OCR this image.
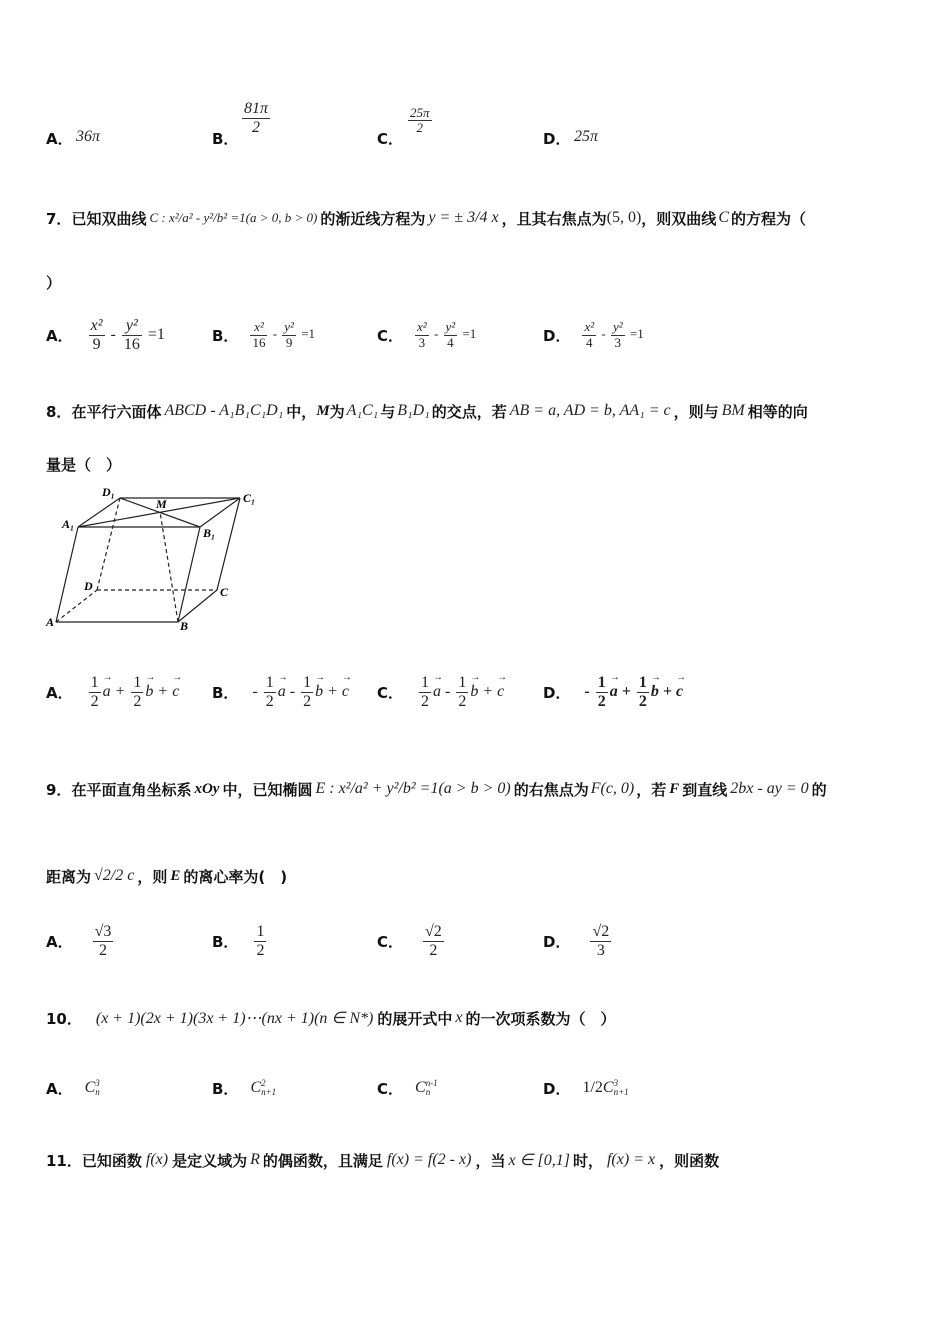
A． 36π	B．
$\frac{81\pi}{2}$
C．
$\frac{25\pi}{2}$
D． 25π
7． 已知双曲线 C : x²/a² - y²/b² =1(a > 0, b > 0) 的渐近线方程为 y = ± 3/4 x ，且其右焦点为 (5, 0) ，则双曲线 C 的方程为（
）
A． $\frac{\text{x²}}{9} - \frac{\text{y²}}{16} =1$	B． $\frac{\text{x²}}{16} - \frac{\text{y²}}{9} =1$	C． $\frac{\text{x²}}{3} - \frac{\text{y²}}{4} =1$	D． $\frac{\text{x²}}{4} - \frac{\text{y²}}{3} =1$
8． 在平行六面体 ABCD - A₁B₁C₁D₁ 中， M 为 A₁C₁ 与 B₁D₁ 的交点，若 AB = a, AD = b, AA₁ = c ，则与 BM 相等的向
量是（　）
D₁
M	C₁
A₁
B₁
D	C
A	B
A． $\frac{1}{2}$
→ $a + \frac{1}{2}$
→ b + → c B． - $\frac{1}{2}$
→ a - $\frac{1}{2}$
→ b + → c C． $\frac{1}{2}$
→ a - $\frac{1}{2}$
→ b + → c	D． - $\frac{1}{2}$
→ $a + \frac{1}{2}$
→ b + → c
9． 在平面直角坐标系 xOy 中，已知椭圆 E : x²/a² + y²/b² =1(a > b > 0) 的右焦点为 F(c, 0) ，若 F 到直线 2bx - ay = 0 的
距离为 √2/2 c ，则 E 的离心率为(　)
A． $\frac{√3}{2}$	B． $\frac{1}{2}$	C． $\frac{√2}{2}$	D． $\frac{√2}{3}$
10． (x + 1)(2x + 1)(3x + 1)⋯(nx + 1)(n ∈ N*) 的展开式中 x 的一次项系数为（　）
A． C 3
n	B． C 2
n+1	C． C n-1
n	D． 1/2C 3
n+1
11． 已知函数 f(x) 是定义域为 R 的偶函数，且满足 f(x) = f(2 - x) ，当 x ∈ [0,1] 时， f(x) = x ，则函数
